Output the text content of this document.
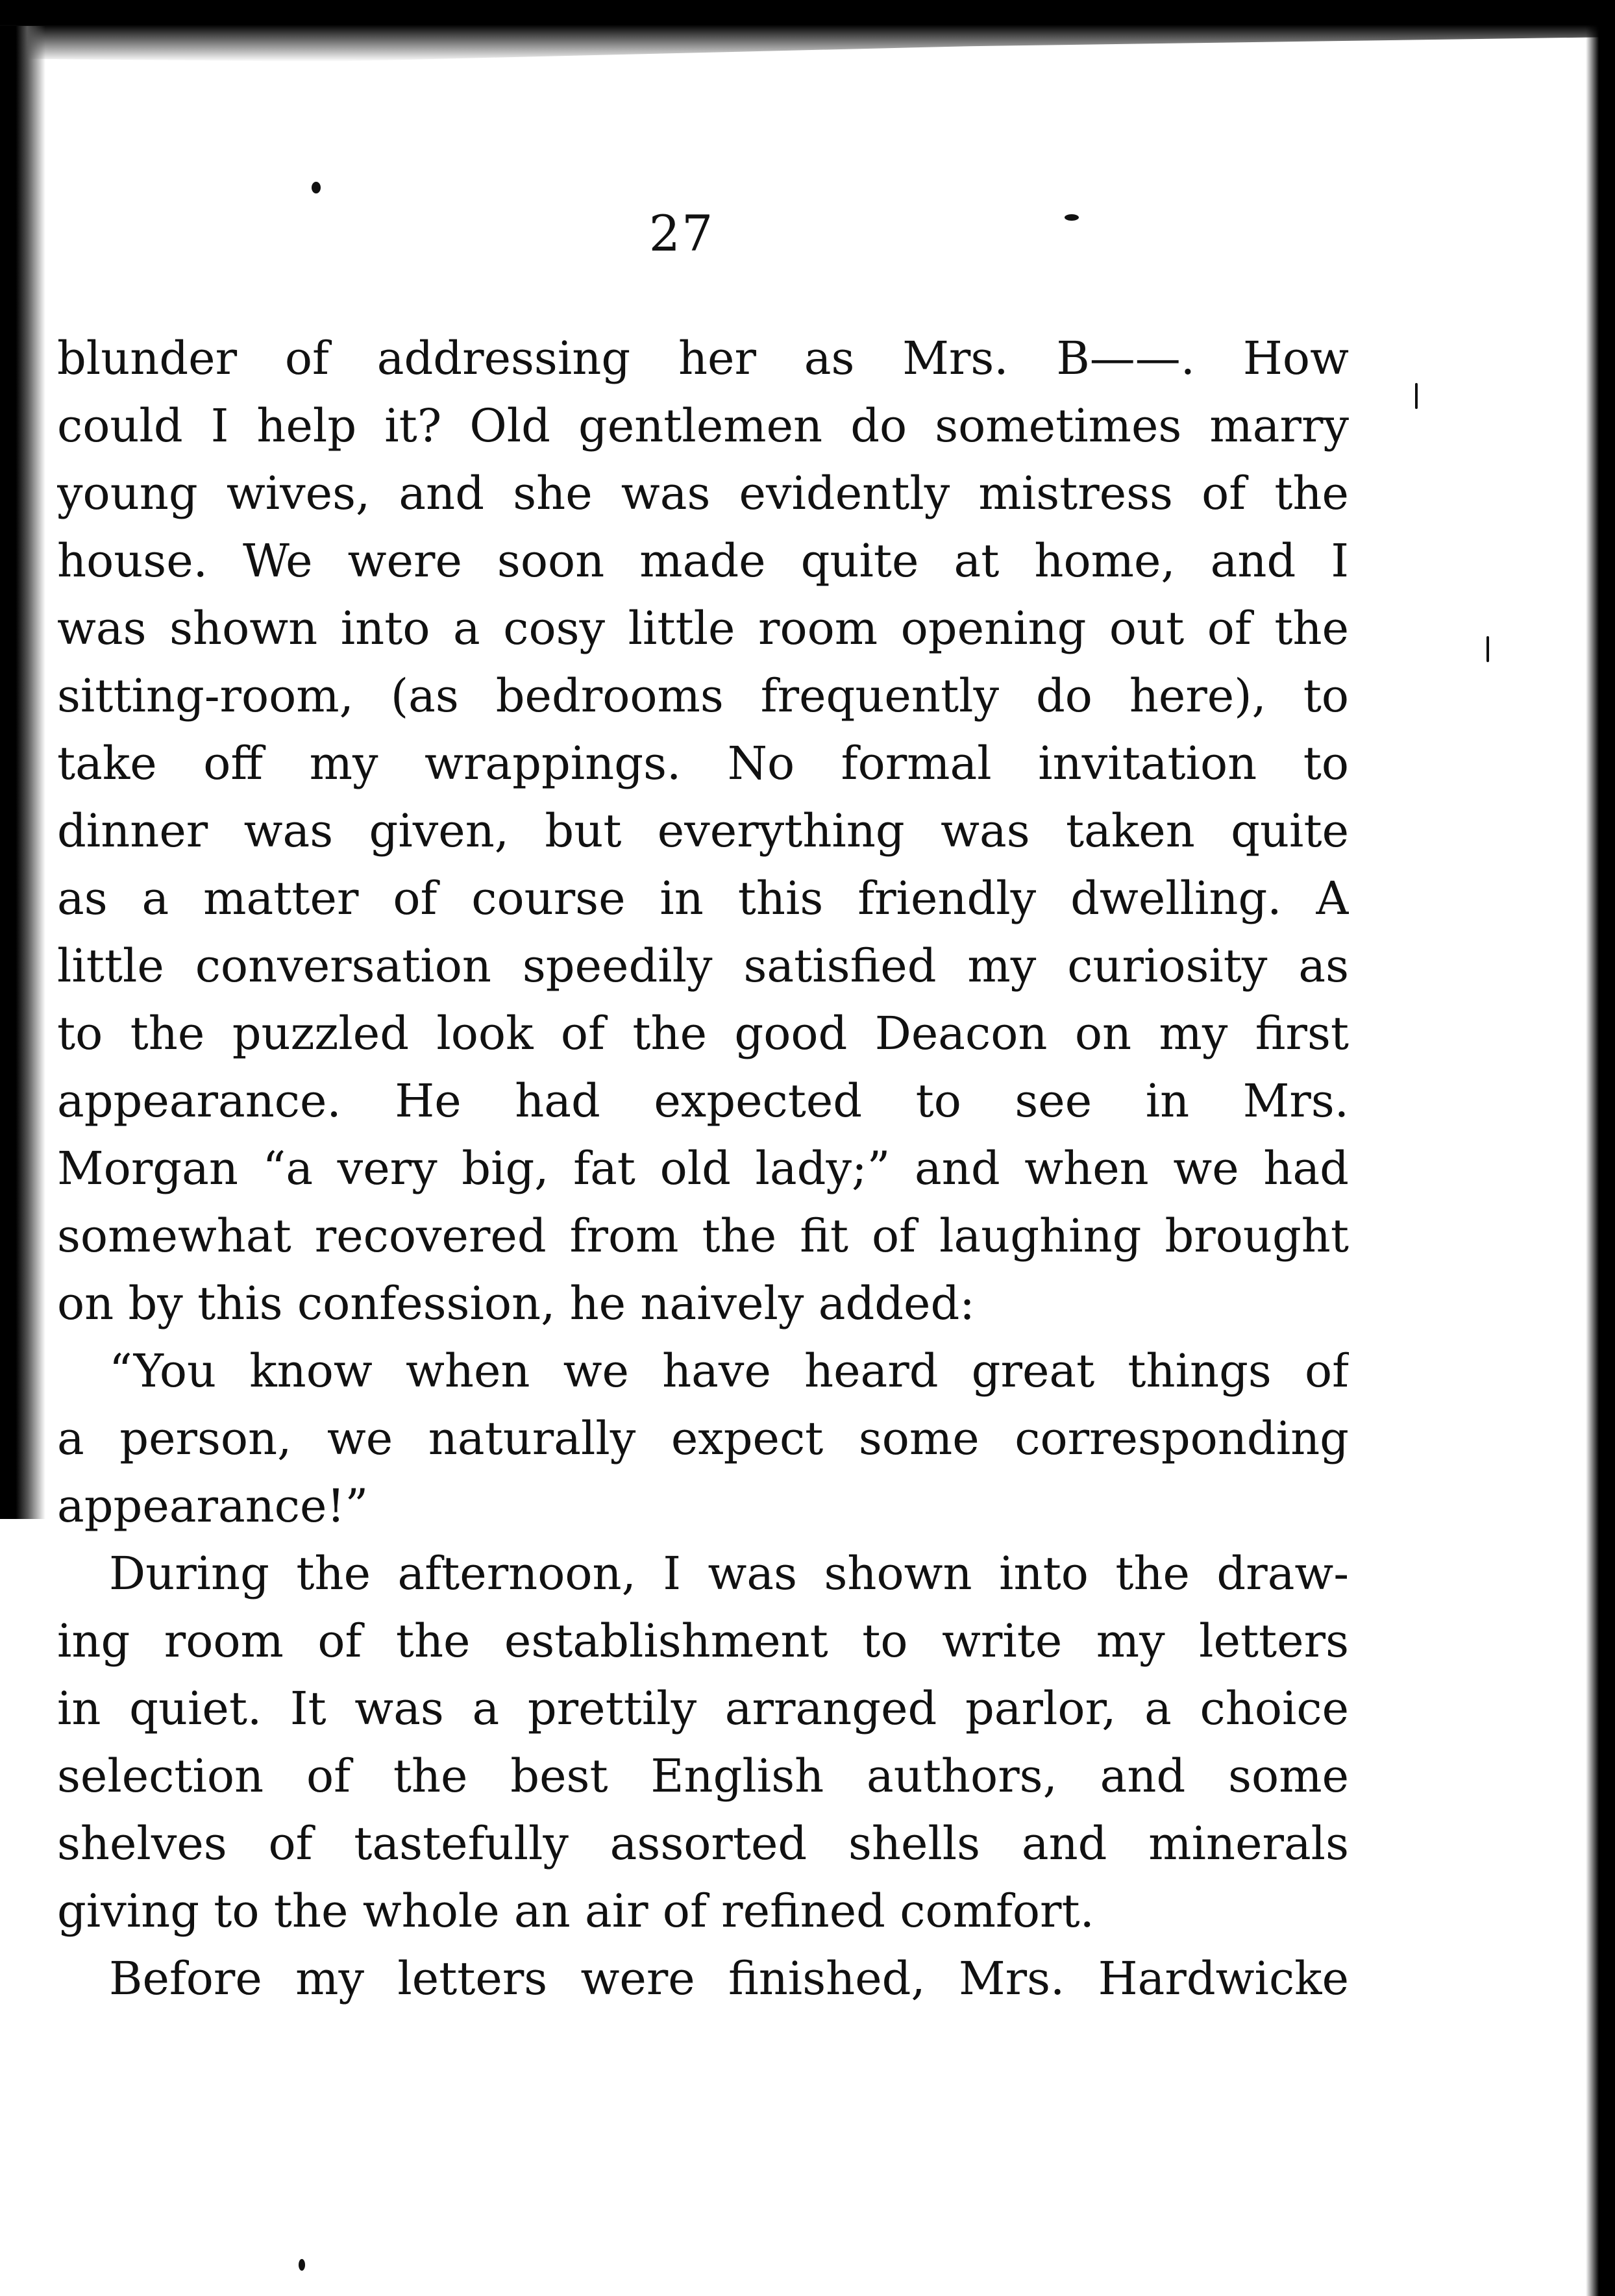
27
blunder of addressing her as Mrs. B——. How
could I help it? Old gentlemen do sometimes marry
young wives, and she was evidently mistress of the
house. We were soon made quite at home, and I
was shown into a cosy little room opening out of the
sitting-room, (as bedrooms frequently do here), to
take off my wrappings. No formal invitation to
dinner was given, but everything was taken quite
as a matter of course in this friendly dwelling. A
little conversation speedily satisfied my curiosity as
to the puzzled look of the good Deacon on my first
appearance. He had expected to see in Mrs.
Morgan “a very big, fat old lady;” and when we had
somewhat recovered from the fit of laughing brought
on by this confession, he naively added:
“You know when we have heard great things of
a person, we naturally expect some corresponding
appearance!”
During the afternoon, I was shown into the draw-
ing room of the establishment to write my letters
in quiet. It was a prettily arranged parlor, a choice
selection of the best English authors, and some
shelves of tastefully assorted shells and minerals
giving to the whole an air of refined comfort.
Before my letters were finished, Mrs. Hardwicke
